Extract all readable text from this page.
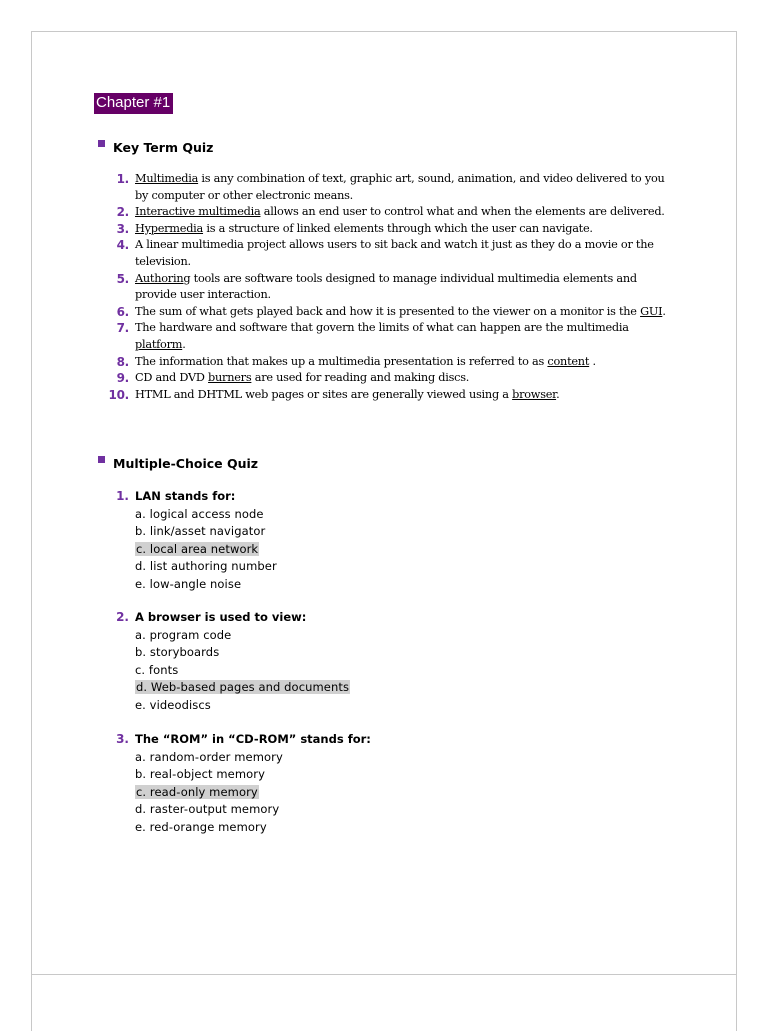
Chapter #1
Key Term Quiz
1. Multimedia is any combination of text, graphic art, sound, animation, and video delivered to you by computer or other electronic means.
2. Interactive multimedia allows an end user to control what and when the elements are delivered.
3. Hypermedia is a structure of linked elements through which the user can navigate.
4. A linear multimedia project allows users to sit back and watch it just as they do a movie or the television.
5. Authoring tools are software tools designed to manage individual multimedia elements and provide user interaction.
6. The sum of what gets played back and how it is presented to the viewer on a monitor is the GUI.
7. The hardware and software that govern the limits of what can happen are the multimedia platform.
8. The information that makes up a multimedia presentation is referred to as content .
9. CD and DVD burners are used for reading and making discs.
10. HTML and DHTML web pages or sites are generally viewed using a browser.
Multiple-Choice Quiz
1. LAN stands for:
a. logical access node
b. link/asset navigator
c. local area network
d. list authoring number
e. low-angle noise
2. A browser is used to view:
a. program code
b. storyboards
c. fonts
d. Web-based pages and documents
e. videodiscs
3. The “ROM” in “CD-ROM” stands for:
a. random-order memory
b. real-object memory
c. read-only memory
d. raster-output memory
e. red-orange memory
